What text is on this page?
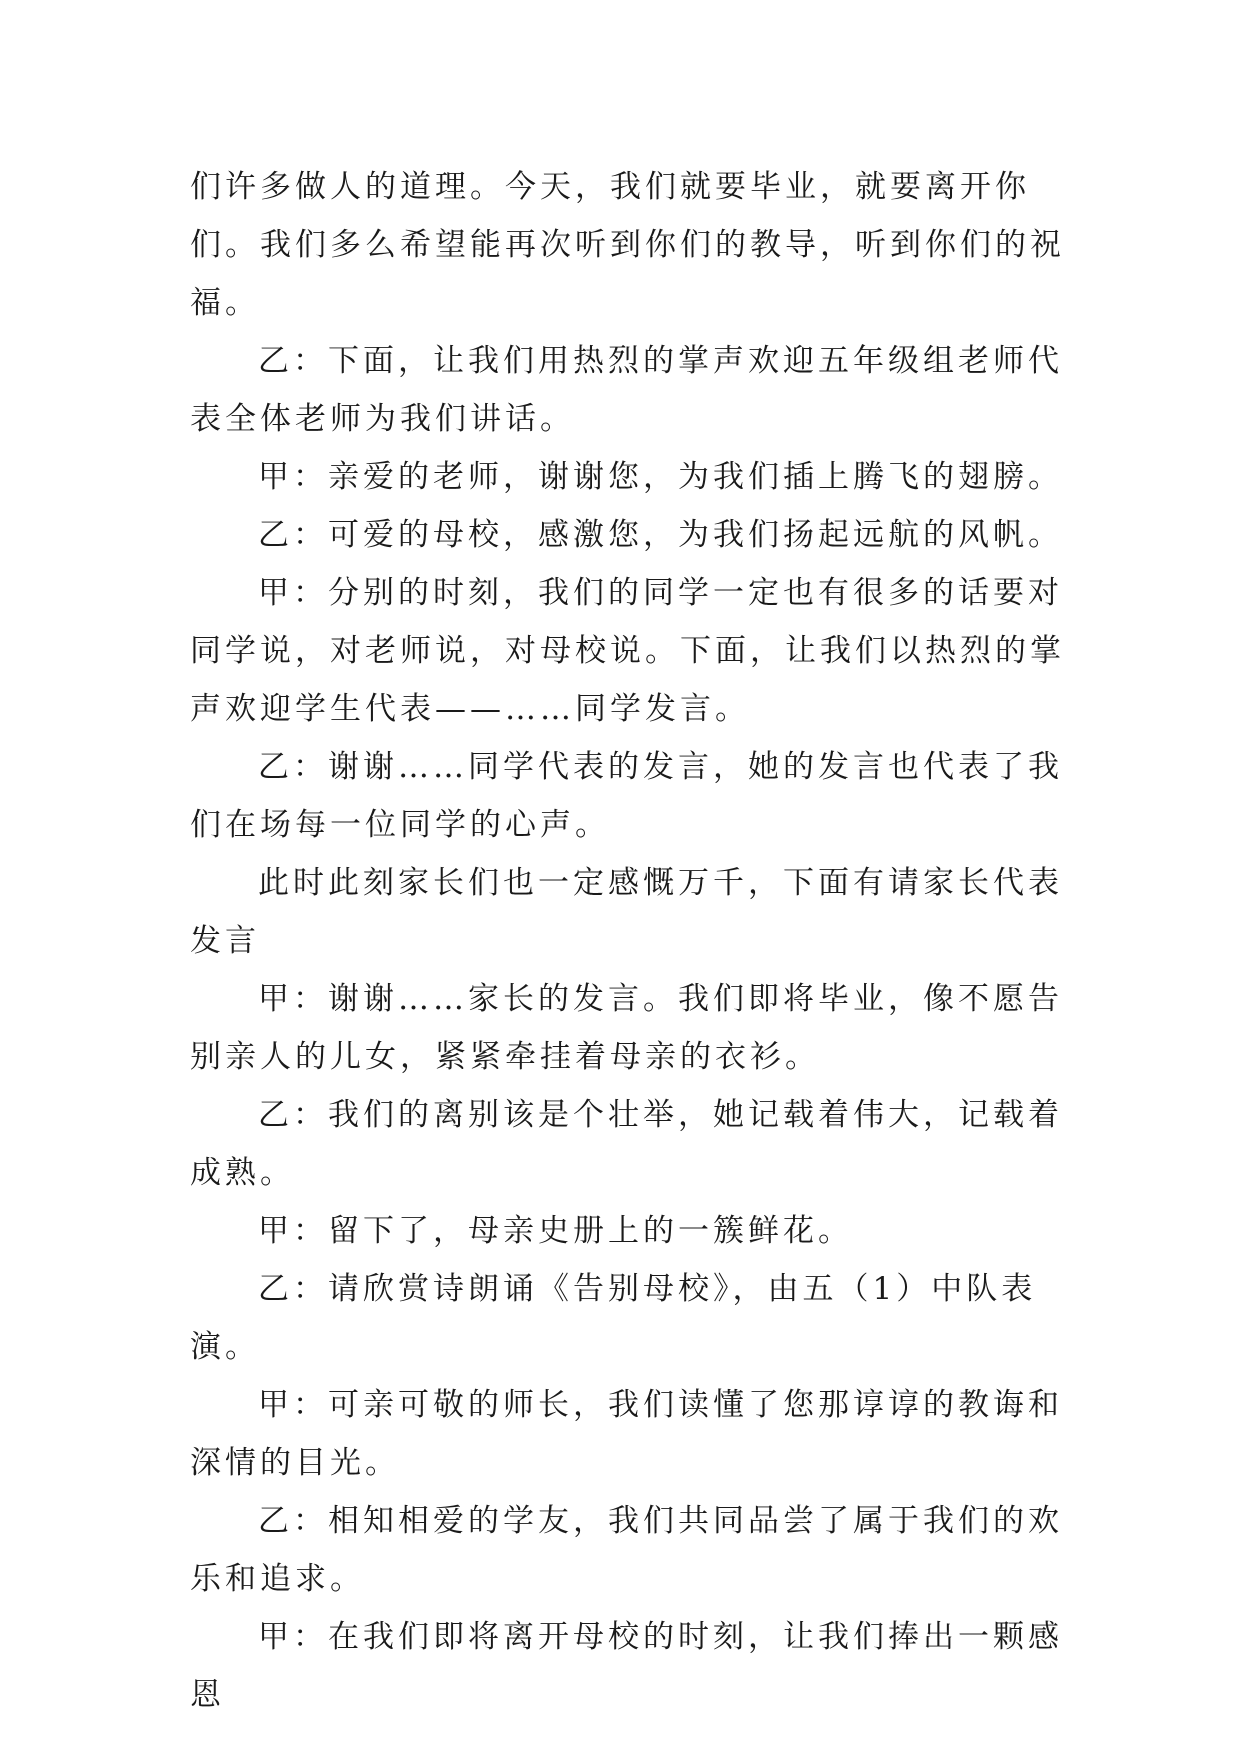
们许多做人的道理。今天，我们就要毕业，就要离开你们。我们多么希望能再次听到你们的教导，听到你们的祝福。

乙：下面，让我们用热烈的掌声欢迎五年级组老师代表全体老师为我们讲话。

甲：亲爱的老师，谢谢您，为我们插上腾飞的翅膀。

乙：可爱的母校，感激您，为我们扬起远航的风帆。

甲：分别的时刻，我们的同学一定也有很多的话要对同学说，对老师说，对母校说。下面，让我们以热烈的掌声欢迎学生代表——……同学发言。

乙：谢谢……同学代表的发言，她的发言也代表了我们在场每一位同学的心声。

此时此刻家长们也一定感慨万千，下面有请家长代表发言

甲：谢谢……家长的发言。我们即将毕业，像不愿告别亲人的儿女，紧紧牵挂着母亲的衣衫。

乙：我们的离别该是个壮举，她记载着伟大，记载着成熟。

甲：留下了，母亲史册上的一簇鲜花。

乙：请欣赏诗朗诵《告别母校》，由五（1）中队表演。

甲：可亲可敬的师长，我们读懂了您那谆谆的教诲和深情的目光。

乙：相知相爱的学友，我们共同品尝了属于我们的欢乐和追求。

甲：在我们即将离开母校的时刻，让我们捧出一颗感恩
